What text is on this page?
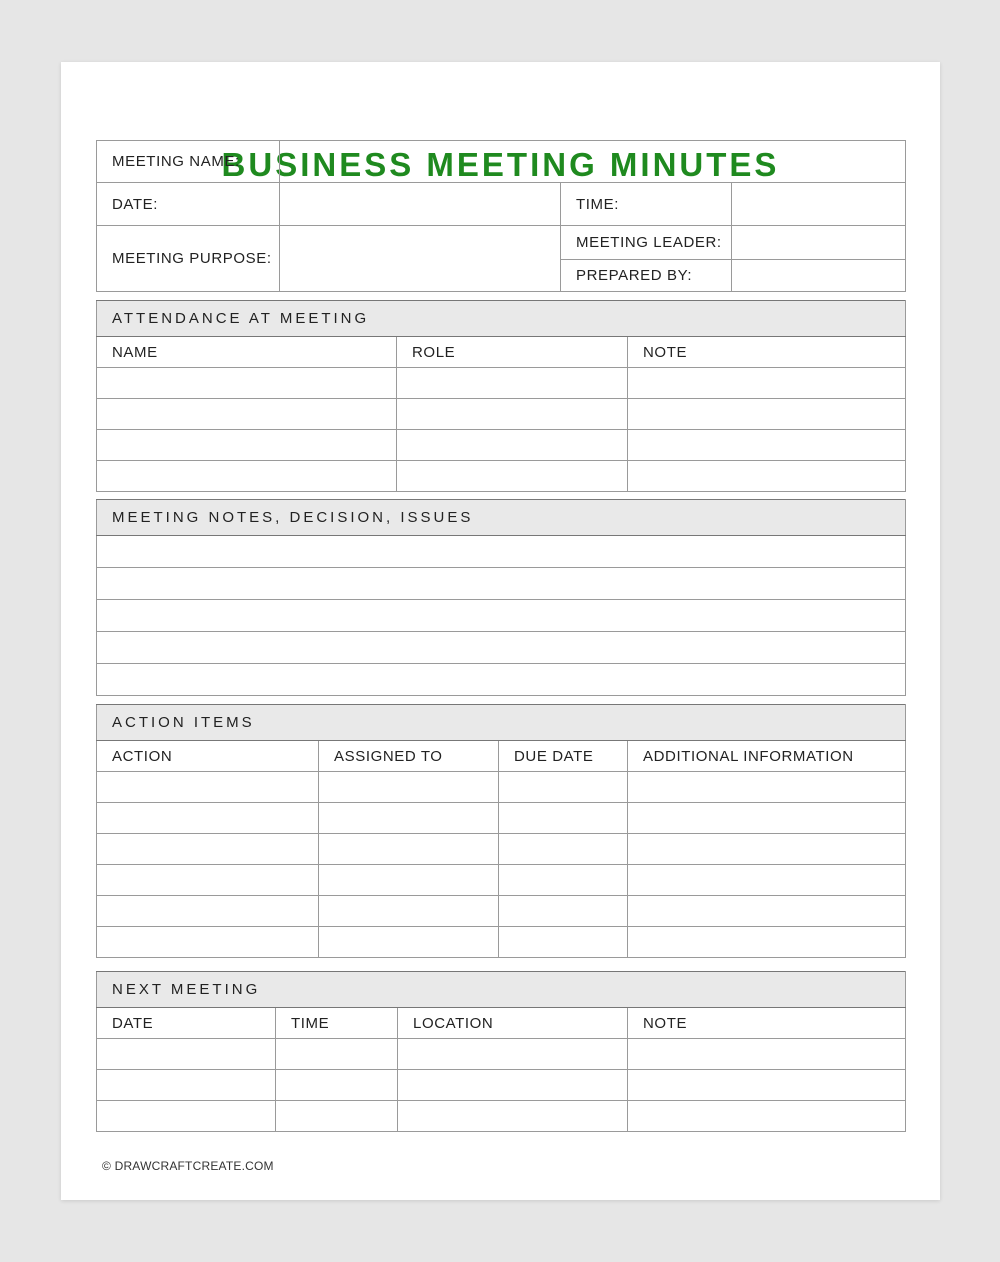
BUSINESS MEETING MINUTES
MEETING NAME:			
DATE:		TIME:	
MEETING PURPOSE:		MEETING LEADER:	
		PREPARED BY:	
ATTENDANCE AT MEETING		
NAME	ROLE	NOTE

MEETING NOTES, DECISION, ISSUES

ACTION ITEMS			
ACTION	ASSIGNED TO	DUE DATE	ADDITIONAL INFORMATION

NEXT MEETING			
DATE	TIME	LOCATION	NOTE

© DRAWCRAFTCREATE.COM
